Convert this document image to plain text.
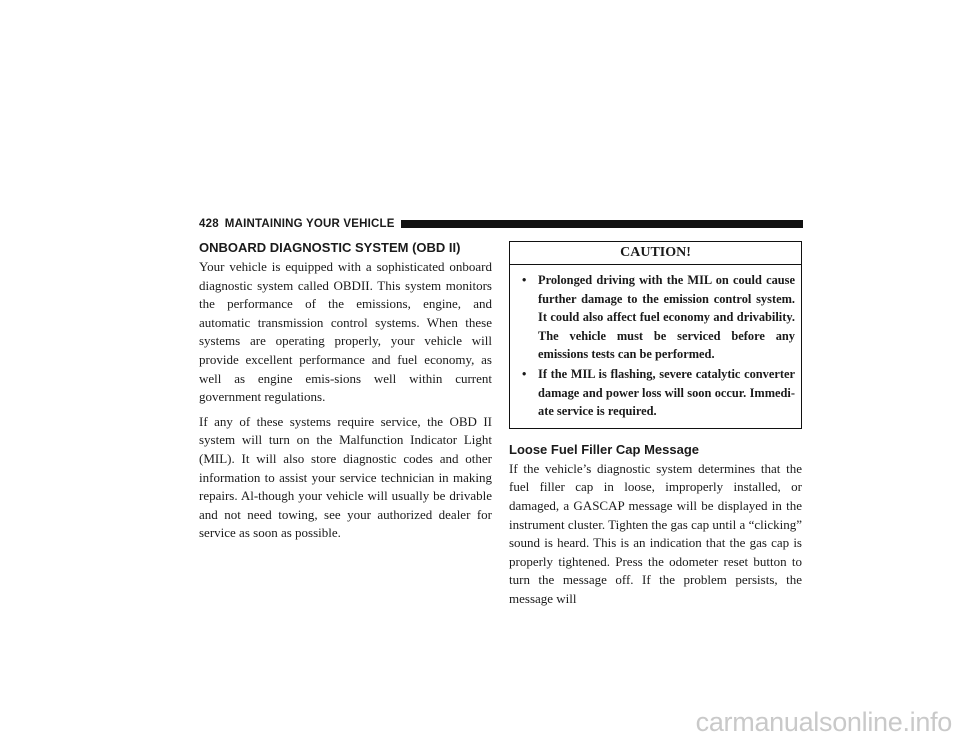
428 MAINTAINING YOUR VEHICLE
ONBOARD DIAGNOSTIC SYSTEM (OBD II)

Your vehicle is equipped with a sophisticated onboard diagnostic system called OBDII. This system monitors the performance of the emissions, engine, and automatic transmission control systems. When these systems are operating properly, your vehicle will provide excellent performance and fuel economy, as well as engine emis-sions well within current government regulations.

If any of these systems require service, the OBD II system will turn on the Malfunction Indicator Light (MIL). It will also store diagnostic codes and other information to assist your service technician in making repairs. Al-though your vehicle will usually be drivable and not need towing, see your authorized dealer for service as soon as possible.

CAUTION!
• Prolonged driving with the MIL on could cause further damage to the emission control system. It could also affect fuel economy and drivability. The vehicle must be serviced before any emissions tests can be performed.
• If the MIL is flashing, severe catalytic converter damage and power loss will soon occur. Immedi-ate service is required.
Loose Fuel Filler Cap Message

If the vehicle’s diagnostic system determines that the fuel filler cap in loose, improperly installed, or damaged, a GASCAP message will be displayed in the instrument cluster. Tighten the gas cap until a “clicking” sound is heard. This is an indication that the gas cap is properly tightened. Press the odometer reset button to turn the message off. If the problem persists, the message will

carmanualsonline.info
